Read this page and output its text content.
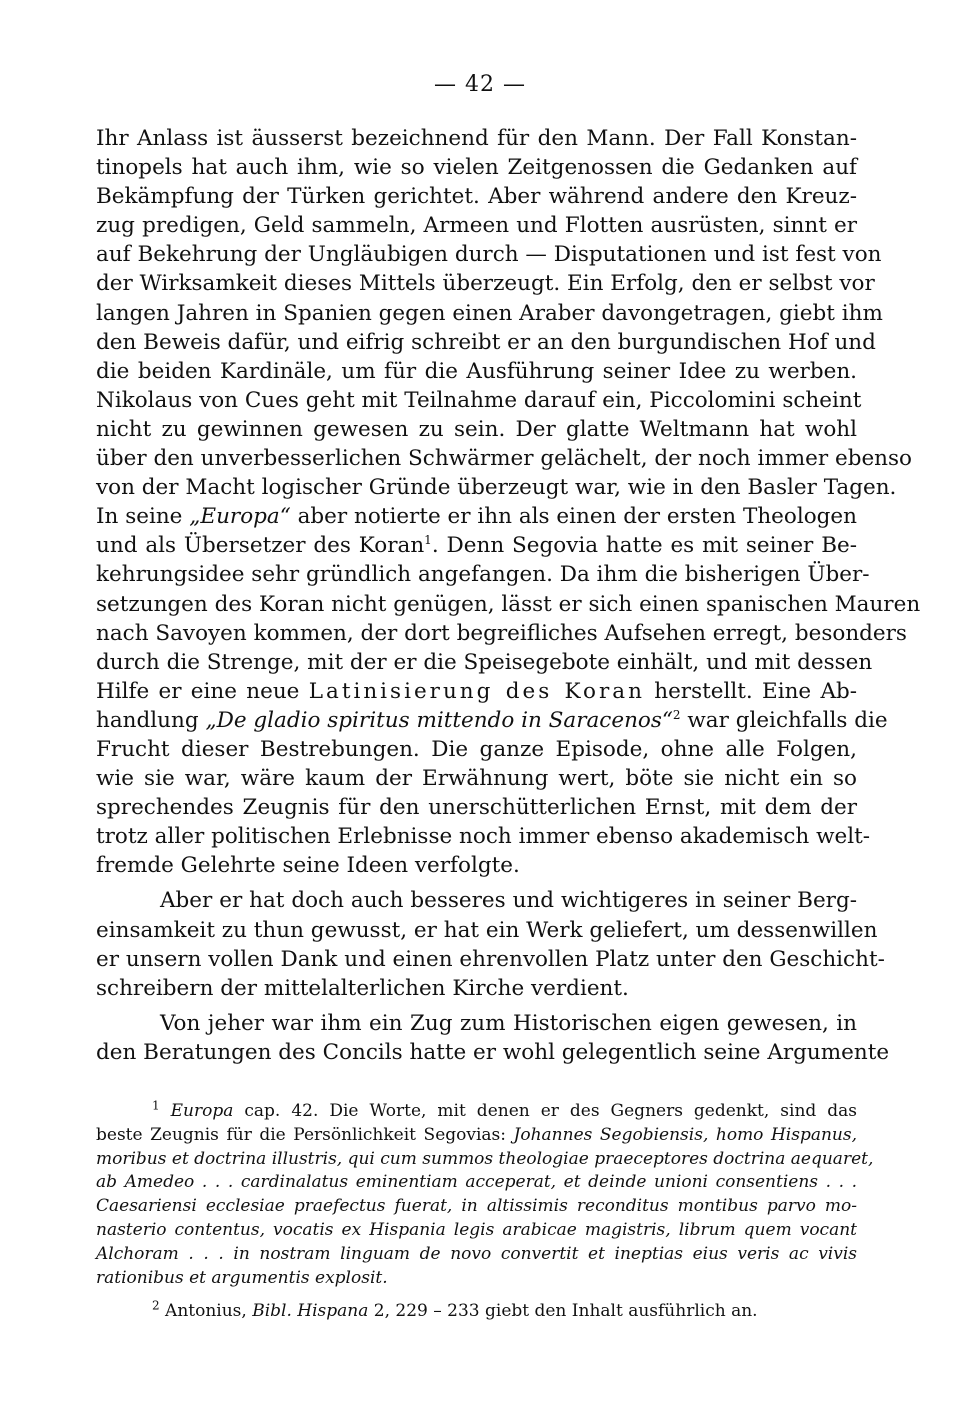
— 42 —
Ihr Anlass ist äusserst bezeichnend für den Mann. Der Fall Konstan-
tinopels hat auch ihm, wie so vielen Zeitgenossen die Gedanken auf
Bekämpfung der Türken gerichtet. Aber während andere den Kreuz-
zug predigen, Geld sammeln, Armeen und Flotten ausrüsten, sinnt er
auf Bekehrung der Ungläubigen durch — Disputationen und ist fest von
der Wirksamkeit dieses Mittels überzeugt. Ein Erfolg, den er selbst vor
langen Jahren in Spanien gegen einen Araber davongetragen, giebt ihm
den Beweis dafür, und eifrig schreibt er an den burgundischen Hof und
die beiden Kardinäle, um für die Ausführung seiner Idee zu werben.
Nikolaus von Cues geht mit Teilnahme darauf ein, Piccolomini scheint
nicht zu gewinnen gewesen zu sein. Der glatte Weltmann hat wohl
über den unverbesserlichen Schwärmer gelächelt, der noch immer ebenso
von der Macht logischer Gründe überzeugt war, wie in den Basler Tagen.
In seine „Europa“ aber notierte er ihn als einen der ersten Theologen
und als Übersetzer des Koran$^1$. Denn Segovia hatte es mit seiner Be-
kehrungsidee sehr gründlich angefangen. Da ihm die bisherigen Über-
setzungen des Koran nicht genügen, lässt er sich einen spanischen Mauren
nach Savoyen kommen, der dort begreifliches Aufsehen erregt, besonders
durch die Strenge, mit der er die Speisegebote einhält, und mit dessen
Hilfe er eine neue Latinisierung des Koran herstellt. Eine Ab-
handlung „De gladio spiritus mittendo in Saracenos“$^2$ war gleichfalls die
Frucht dieser Bestrebungen. Die ganze Episode, ohne alle Folgen,
wie sie war, wäre kaum der Erwähnung wert, böte sie nicht ein so
sprechendes Zeugnis für den unerschütterlichen Ernst, mit dem der
trotz aller politischen Erlebnisse noch immer ebenso akademisch welt-
fremde Gelehrte seine Ideen verfolgte.
Aber er hat doch auch besseres und wichtigeres in seiner Berg-
einsamkeit zu thun gewusst, er hat ein Werk geliefert, um dessenwillen
er unsern vollen Dank und einen ehrenvollen Platz unter den Geschicht-
schreibern der mittelalterlichen Kirche verdient.
Von jeher war ihm ein Zug zum Historischen eigen gewesen, in
den Beratungen des Concils hatte er wohl gelegentlich seine Argumente
$^1$ Europa cap. 42. Die Worte, mit denen er des Gegners gedenkt, sind das
beste Zeugnis für die Persönlichkeit Segovias: Johannes Segobiensis, homo Hispanus,
moribus et doctrina illustris, qui cum summos theologiae praeceptores doctrina aequaret,
ab Amedeo . . . cardinalatus eminentiam acceperat, et deinde unioni consentiens . . .
Caesariensi ecclesiae praefectus fuerat, in altissimis reconditus montibus parvo mo-
nasterio contentus, vocatis ex Hispania legis arabicae magistris, librum quem vocant
Alchoram . . . in nostram linguam de novo convertit et ineptias eius veris ac vivis
rationibus et argumentis explosit.
$^2$ Antonius, Bibl. Hispana 2, 229 – 233 giebt den Inhalt ausführlich an.
